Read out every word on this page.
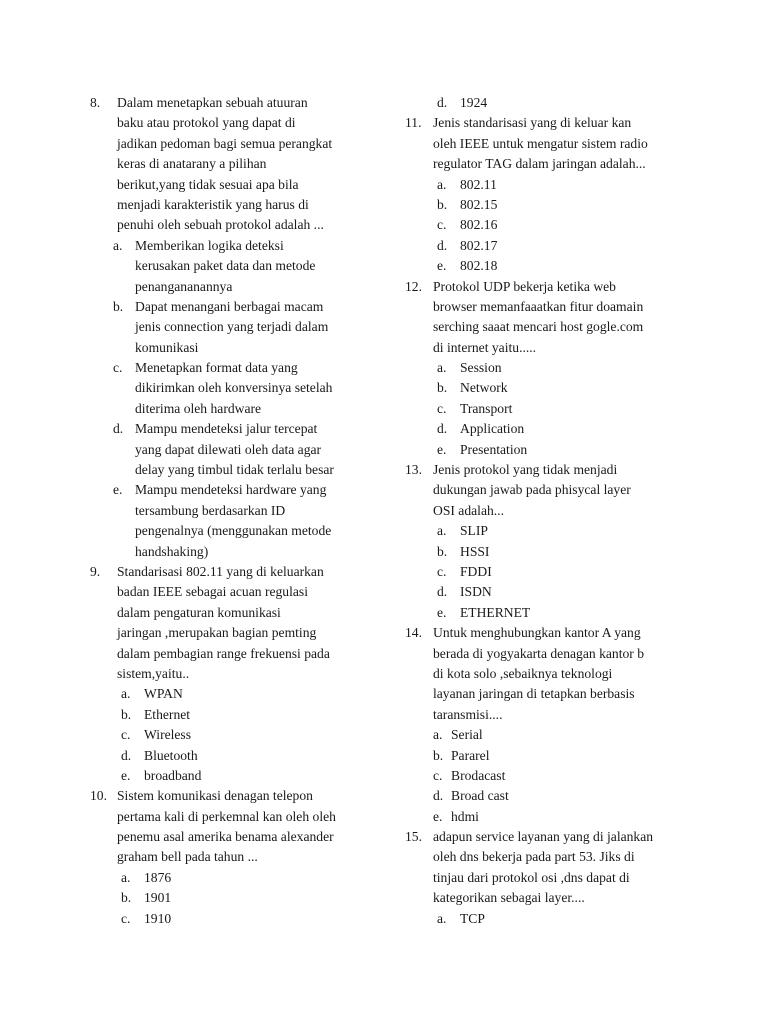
8. Dalam menetapkan sebuah atuuran
baku atau protokol yang dapat di
jadikan pedoman bagi semua perangkat
keras di anatarany a pilihan
berikut,yang tidak sesuai apa bila
menjadi karakteristik yang harus di
penuhi oleh sebuah protokol adalah ...
a. Memberikan logika deteksi
kerusakan paket data dan metode
penangananannya
b. Dapat menangani berbagai macam
jenis connection yang terjadi dalam
komunikasi
c. Menetapkan format data yang
dikirimkan oleh konversinya setelah
diterima oleh hardware
d. Mampu mendeteksi jalur tercepat
yang dapat dilewati oleh data agar
delay yang timbul tidak terlalu besar
e. Mampu mendeteksi hardware yang
tersambung berdasarkan ID
pengenalnya (menggunakan metode
handshaking)
9. Standarisasi 802.11 yang di keluarkan
badan IEEE sebagai acuan regulasi
dalam pengaturan komunikasi
jaringan ,merupakan bagian pemting
dalam pembagian range frekuensi pada
sistem,yaitu..
a. WPAN
b. Ethernet
c. Wireless
d. Bluetooth
e. broadband
10. Sistem komunikasi denagan telepon
pertama kali di perkemnal kan oleh oleh
penemu asal amerika benama alexander
graham bell pada tahun ...
a. 1876
b. 1901
c. 1910
d. 1924
11. Jenis standarisasi yang di keluar kan
oleh IEEE untuk mengatur sistem radio
regulator TAG dalam jaringan adalah...
a. 802.11
b. 802.15
c. 802.16
d. 802.17
e. 802.18
12. Protokol UDP bekerja ketika web
browser memanfaaatkan fitur doamain
serching saaat mencari host gogle.com
di internet yaitu.....
a. Session
b. Network
c. Transport
d. Application
e. Presentation
13. Jenis protokol yang tidak menjadi
dukungan jawab pada phisycal layer
OSI adalah...
a. SLIP
b. HSSI
c. FDDI
d. ISDN
e. ETHERNET
14. Untuk menghubungkan kantor A yang
berada di yogyakarta denagan kantor b
di kota solo ,sebaiknya teknologi
layanan jaringan di tetapkan berbasis
taransmisi....
a. Serial
b. Pararel
c. Brodacast
d. Broad cast
e. hdmi
15. adapun service layanan yang di jalankan
oleh dns bekerja pada part 53. Jiks di
tinjau dari protokol osi ,dns dapat di
kategorikan sebagai layer....
a. TCP
